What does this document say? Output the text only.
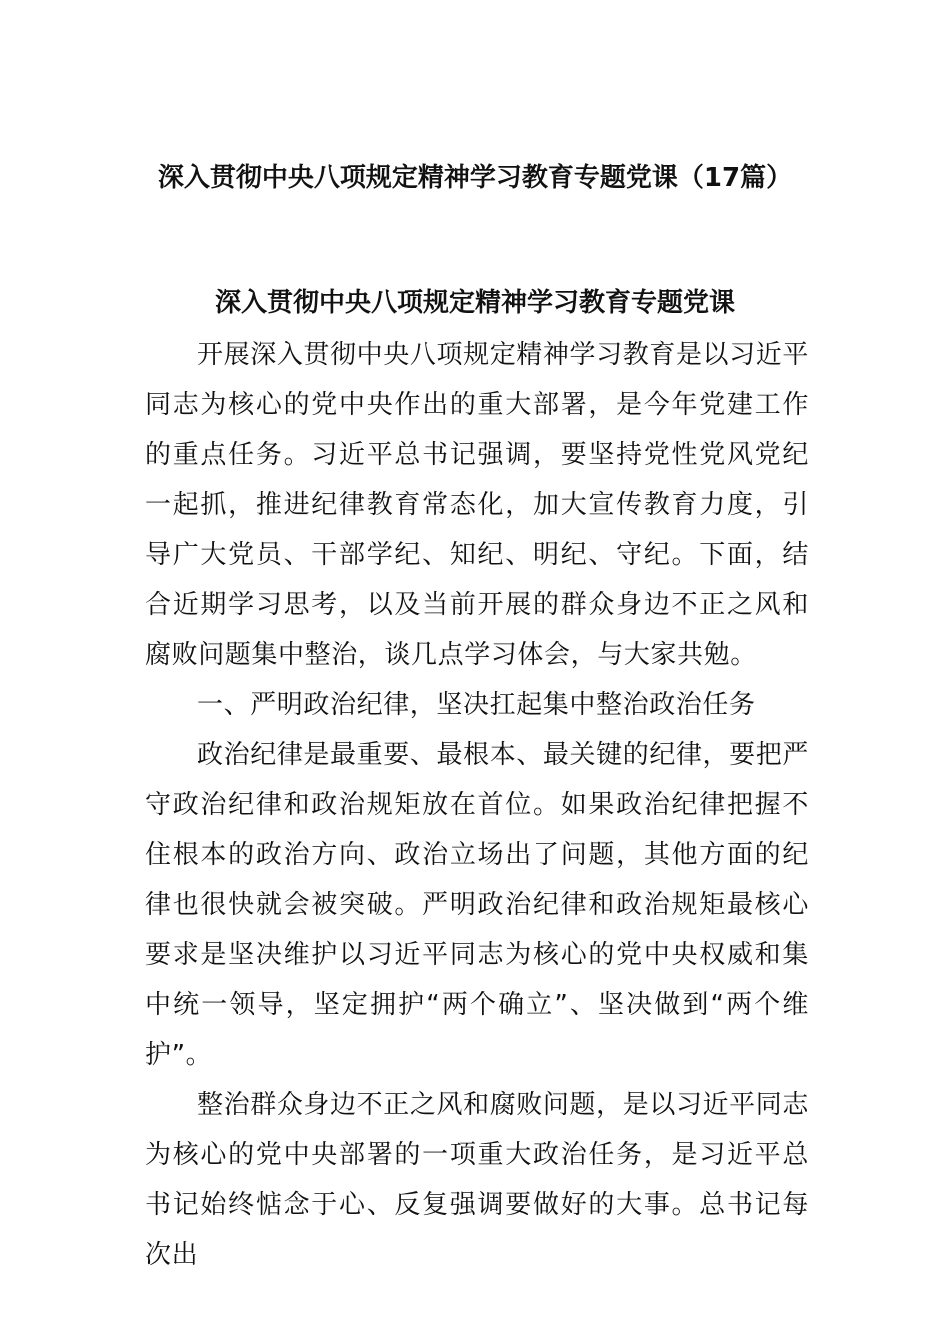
深入贯彻中央八项规定精神学习教育专题党课（17篇）
深入贯彻中央八项规定精神学习教育专题党课

开展深入贯彻中央八项规定精神学习教育是以习近平同志为核心的党中央作出的重大部署，是今年党建工作的重点任务。习近平总书记强调，要坚持党性党风党纪一起抓，推进纪律教育常态化，加大宣传教育力度，引导广大党员、干部学纪、知纪、明纪、守纪。下面，结合近期学习思考，以及当前开展的群众身边不正之风和腐败问题集中整治，谈几点学习体会，与大家共勉。

一、严明政治纪律，坚决扛起集中整治政治任务

政治纪律是最重要、最根本、最关键的纪律，要把严守政治纪律和政治规矩放在首位。如果政治纪律把握不住根本的政治方向、政治立场出了问题，其他方面的纪律也很快就会被突破。严明政治纪律和政治规矩最核心要求是坚决维护以习近平同志为核心的党中央权威和集中统一领导，坚定拥护“两个确立”、坚决做到“两个维护”。

整治群众身边不正之风和腐败问题，是以习近平同志为核心的党中央部署的一项重大政治任务，是习近平总书记始终惦念于心、反复强调要做好的大事。总书记每次出
